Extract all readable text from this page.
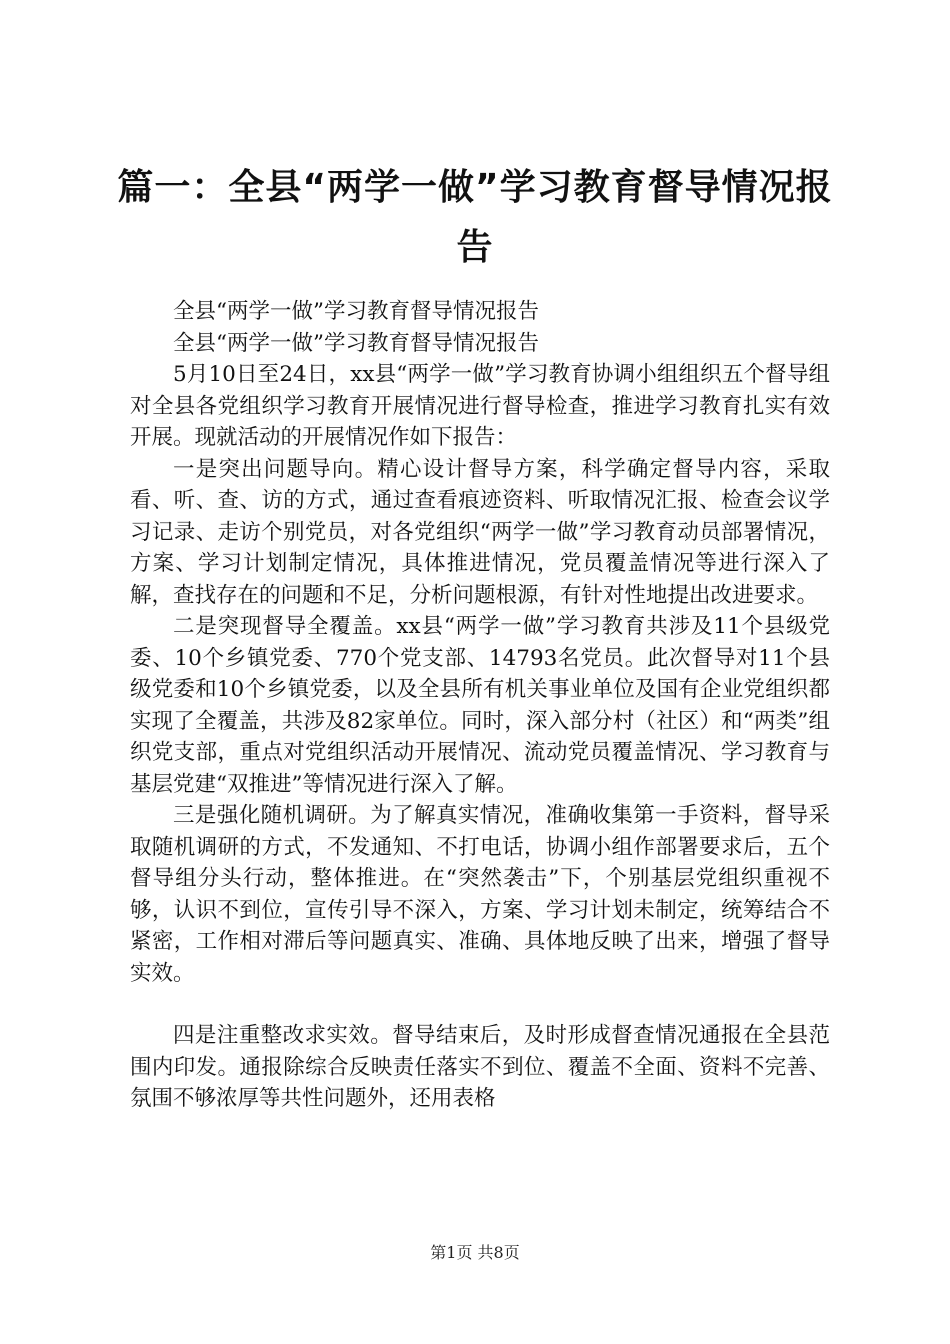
篇一：全县“两学一做”学习教育督导情况报告

全县“两学一做”学习教育督导情况报告

全县“两学一做”学习教育督导情况报告

5月10日至24日，xx县“两学一做”学习教育协调小组组织五个督导组对全县各党组织学习教育开展情况进行督导检查，推进学习教育扎实有效开展。现就活动的开展情况作如下报告：

一是突出问题导向。精心设计督导方案，科学确定督导内容，采取看、听、查、访的方式，通过查看痕迹资料、听取情况汇报、检查会议学习记录、走访个别党员，对各党组织“两学一做”学习教育动员部署情况，方案、学习计划制定情况，具体推进情况，党员覆盖情况等进行深入了解，查找存在的问题和不足，分析问题根源，有针对性地提出改进要求。

二是突现督导全覆盖。xx县“两学一做”学习教育共涉及11个县级党委、10个乡镇党委、770个党支部、14793名党员。此次督导对11个县级党委和10个乡镇党委，以及全县所有机关事业单位及国有企业党组织都实现了全覆盖，共涉及82家单位。同时，深入部分村（社区）和“两类”组织党支部，重点对党组织活动开展情况、流动党员覆盖情况、学习教育与基层党建“双推进”等情况进行深入了解。

三是强化随机调研。为了解真实情况，准确收集第一手资料，督导采取随机调研的方式，不发通知、不打电话，协调小组作部署要求后，五个督导组分头行动，整体推进。在“突然袭击”下，个别基层党组织重视不够，认识不到位，宣传引导不深入，方案、学习计划未制定，统筹结合不紧密，工作相对滞后等问题真实、准确、具体地反映了出来，增强了督导实效。

四是注重整改求实效。督导结束后，及时形成督查情况通报在全县范围内印发。通报除综合反映责任落实不到位、覆盖不全面、资料不完善、氛围不够浓厚等共性问题外，还用表格

第1页 共8页
